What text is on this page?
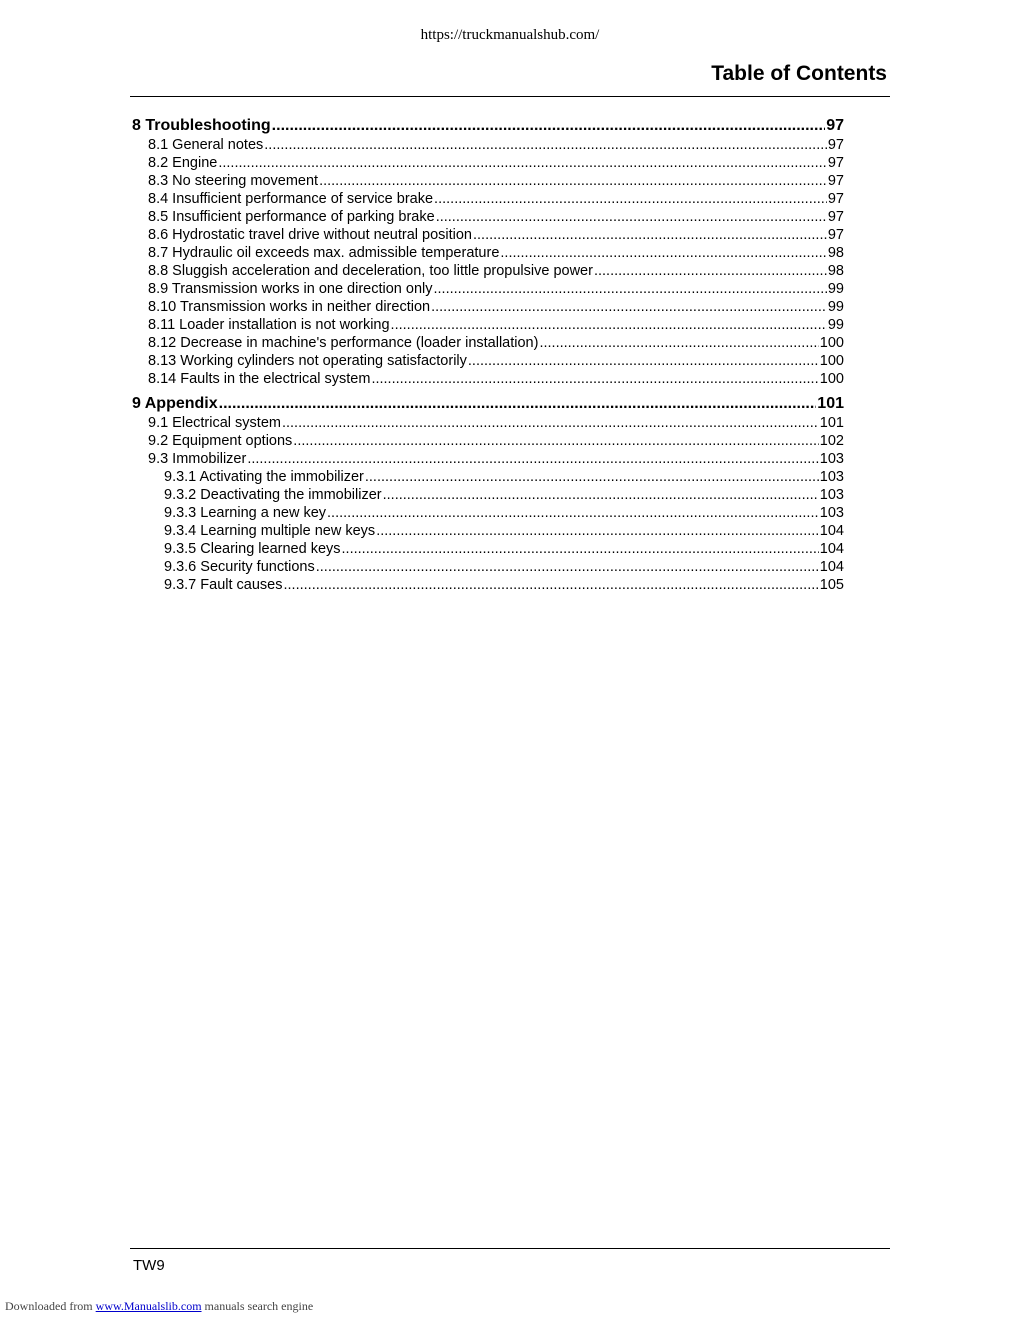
https://truckmanualshub.com/
Table of Contents
8 Troubleshooting .....	97
8.1 General notes .....	97
8.2 Engine .....	97
8.3 No steering movement .....	97
8.4 Insufficient performance of service brake .....	97
8.5 Insufficient performance of parking brake .....	97
8.6 Hydrostatic travel drive without neutral position .....	97
8.7 Hydraulic oil exceeds max. admissible temperature .....	98
8.8 Sluggish acceleration and deceleration, too little propulsive power .....	98
8.9 Transmission works in one direction only .....	99
8.10 Transmission works in neither direction .....	99
8.11 Loader installation is not working .....	99
8.12 Decrease in machine's performance (loader installation) .....	100
8.13 Working cylinders not operating satisfactorily .....	100
8.14 Faults in the electrical system .....	100
9 Appendix .....	101
9.1 Electrical system .....	101
9.2 Equipment options .....	102
9.3 Immobilizer .....	103
9.3.1 Activating the immobilizer .....	103
9.3.2 Deactivating the immobilizer .....	103
9.3.3 Learning a new key .....	103
9.3.4 Learning multiple new keys .....	104
9.3.5 Clearing learned keys .....	104
9.3.6 Security functions .....	104
9.3.7 Fault causes .....	105
TW9
Downloaded from www.Manualslib.com manuals search engine
